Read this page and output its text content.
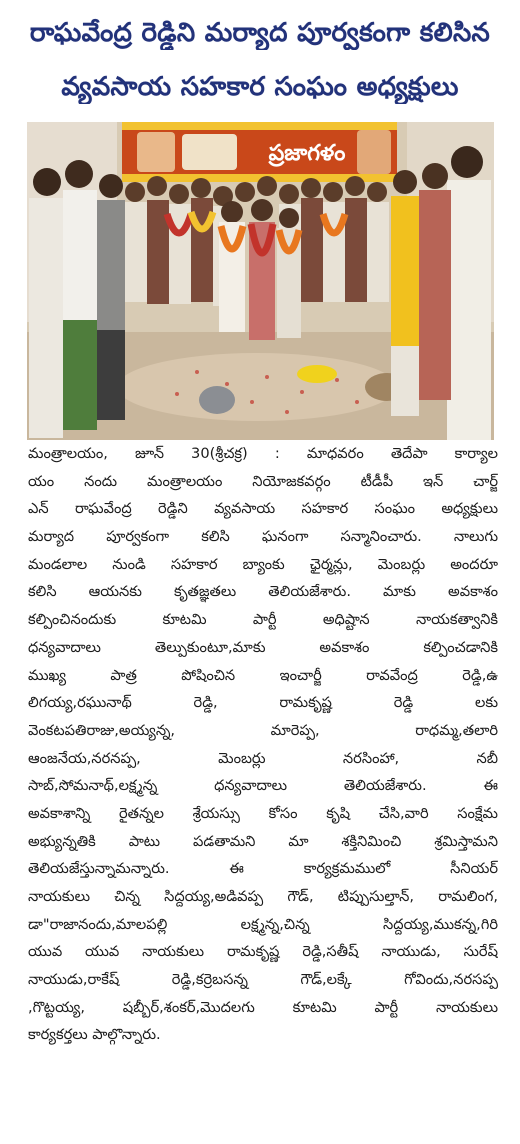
రాఘవేంద్ర రెడ్డిని మర్యాద పూర్వకంగా కలిసిన
వ్యవసాయ సహకార సంఘం అధ్యక్షులు
ప్రజాగళం
మంత్రాలయం, జూన్ 30(శ్రీచక్ర) : మాధవరం తెదేపా కార్యాల
యం నందు మంత్రాలయం నియోజకవర్గం టీడీపీ ఇన్ చార్జ్
ఎన్ రాఘవేంద్ర రెడ్డిని వ్యవసాయ సహకార సంఘం అధ్యక్షులు
మర్యాద పూర్వకంగా కలిసి ఘనంగా సన్మానించారు. నాలుగు
మండలాల నుండి సహకార బ్యాంకు ఛైర్మన్లు, మెంబర్లు అందరూ
కలిసి ఆయనకు కృతజ్ఞతలు తెలియజేశారు. మాకు అవకాశం
కల్పించినందుకు కూటమి పార్టీ అధిష్టాన నాయకత్వానికి
ధన్యవాదాలు తెల్పుకుంటూ,మాకు అవకాశం కల్పించడానికి
ముఖ్య పాత్ర పోషించిన ఇంచార్జీ రావవేంద్ర రెడ్డి,ఉ
లిగయ్య,రఘునాథ్ రెడ్డి, రామకృష్ణ రెడ్డి లకు
వెంకటపతిరాజు,అయ్యన్న, మారెప్ప, రాధమ్మ,తలారి
ఆంజనేయ,నరనప్ప, మెంబర్లు నరసింహా, నబీ
సాబ్,సోమనాథ్,లక్ష్మన్న ధన్యవాదాలు తెలియజేశారు. ఈ
అవకాశాన్ని రైతన్నల శ్రేయస్సు కోసం కృషి చేసి,వారి సంక్షేమ
అభ్యున్నతికి పాటు పడతామని మా శక్తినిమించి శ్రమిస్తామని
తెలియజేస్తున్నామన్నారు. ఈ కార్యక్రమములో సీనియర్
నాయకులు చిన్న సిద్దయ్య,అడివప్ప గౌడ్, టిప్పుసుల్తాన్, రామలింగ,
డా"రాజానందు,మాలపల్లి లక్ష్మన్న,చిన్న సిద్దయ్య,ముకన్న,గిరి
యువ యువ నాయకులు రామకృష్ణ రెడ్డి,సతీష్ నాయుడు, సురేష్
నాయుడు,రాకేష్ రెడ్డి,కర్రెబసన్న గౌడ్,లక్కే గోవిందు,నరసప్ప
,గొట్టయ్య, షబ్బీర్,శంకర్,మొదలగు కూటమి పార్టీ నాయకులు
కార్యకర్తలు పాల్గొన్నారు.
